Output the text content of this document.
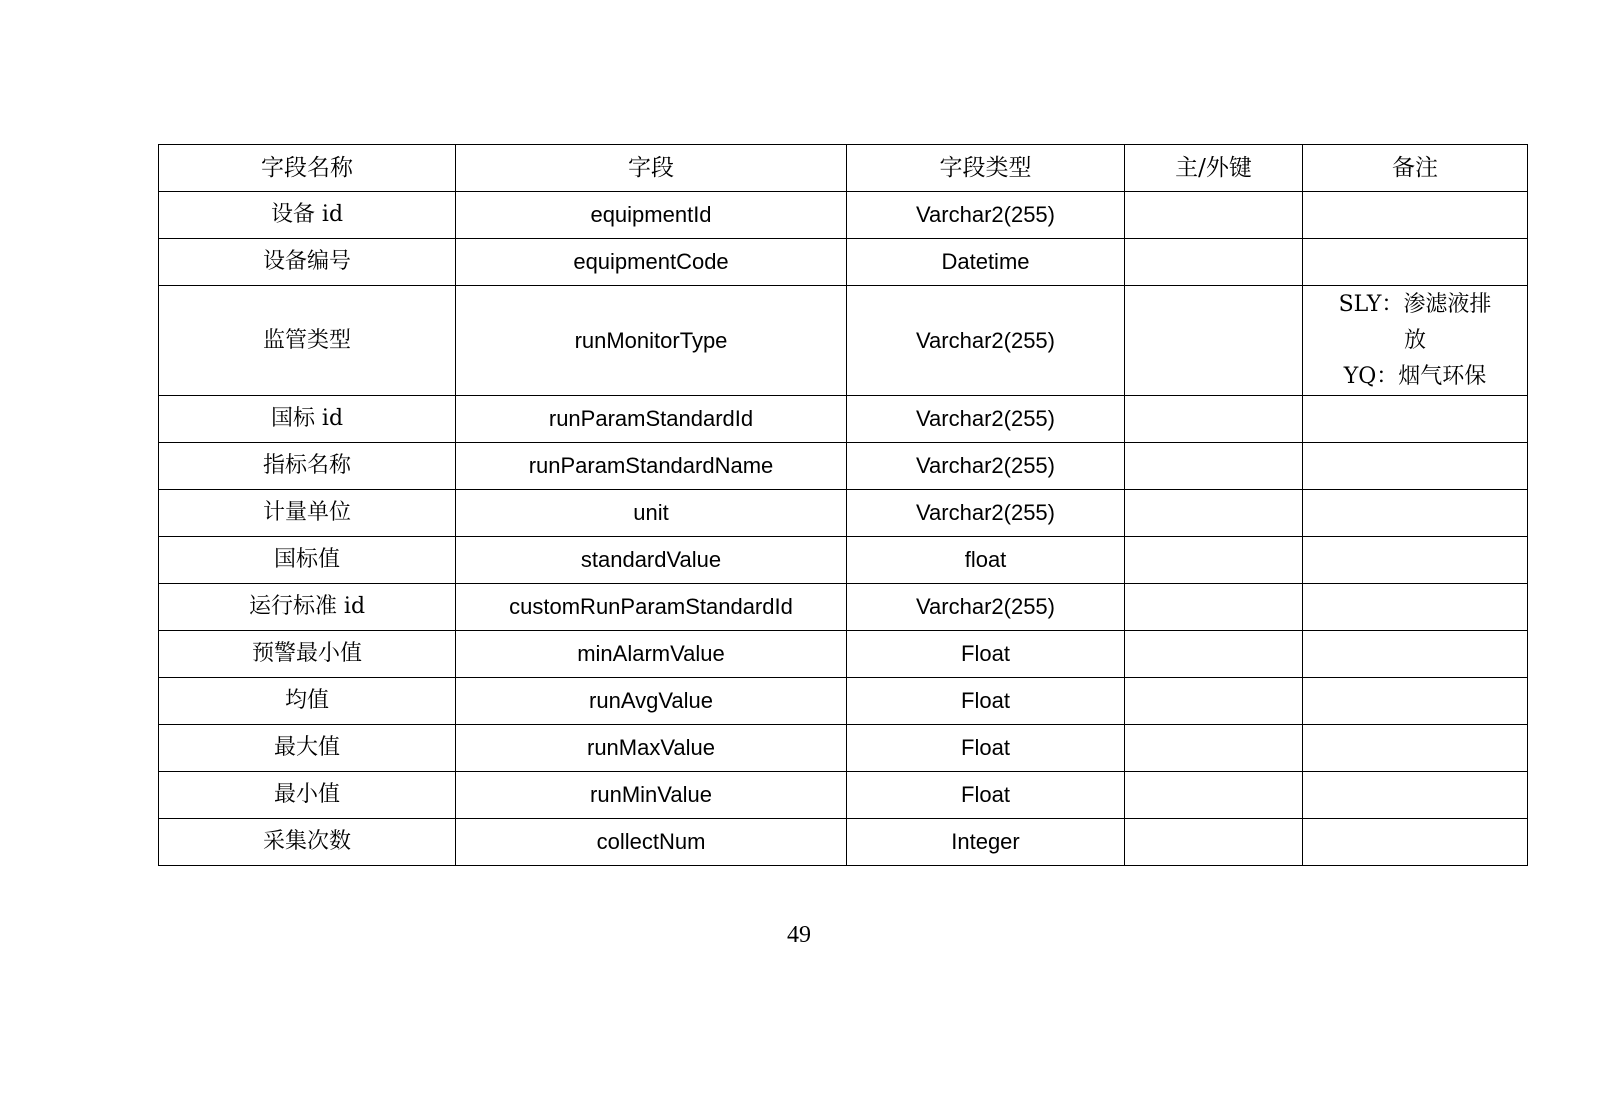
字段名称	字段	字段类型	主/外键	备注
设备 id	equipmentId	Varchar2(255)		
设备编号	equipmentCode	Datetime		
监管类型	runMonitorType	Varchar2(255)		SLY：渗滤液排
放
YQ：烟气环保

国标 id	runParamStandardId	Varchar2(255)		
指标名称	runParamStandardName	Varchar2(255)		
计量单位	unit	Varchar2(255)		
国标值	standardValue	float		
运行标准 id	customRunParamStandardId	Varchar2(255)		
预警最小值	minAlarmValue	Float		
均值	runAvgValue	Float		
最大值	runMaxValue	Float		
最小值	runMinValue	Float		
采集次数	collectNum	Integer		
49
